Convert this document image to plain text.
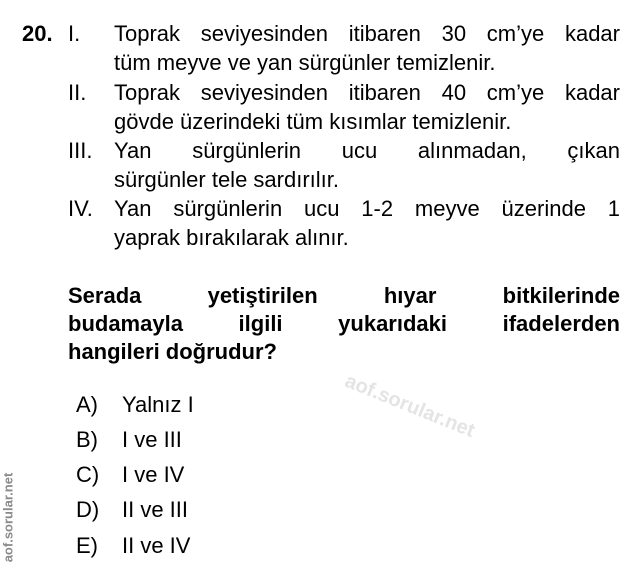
aof.sorular.net
aof.sorular.net
20. I. Toprak seviyesinden itibaren 30 cm’ye kadar
tüm meyve ve yan sürgünler temizlenir.
II. Toprak seviyesinden itibaren 40 cm’ye kadar
gövde üzerindeki tüm kısımlar temizlenir.
III. Yan sürgünlerin ucu alınmadan, çıkan
sürgünler tele sardırılır.
IV. Yan sürgünlerin ucu 1-2 meyve üzerinde 1
yaprak bırakılarak alınır.
Serada yetiştirilen hıyar bitkilerinde
budamayla ilgili yukarıdaki ifadelerden
hangileri doğrudur?
A) Yalnız I
B) I ve III
C) I ve IV
D) II ve III
E) II ve IV
